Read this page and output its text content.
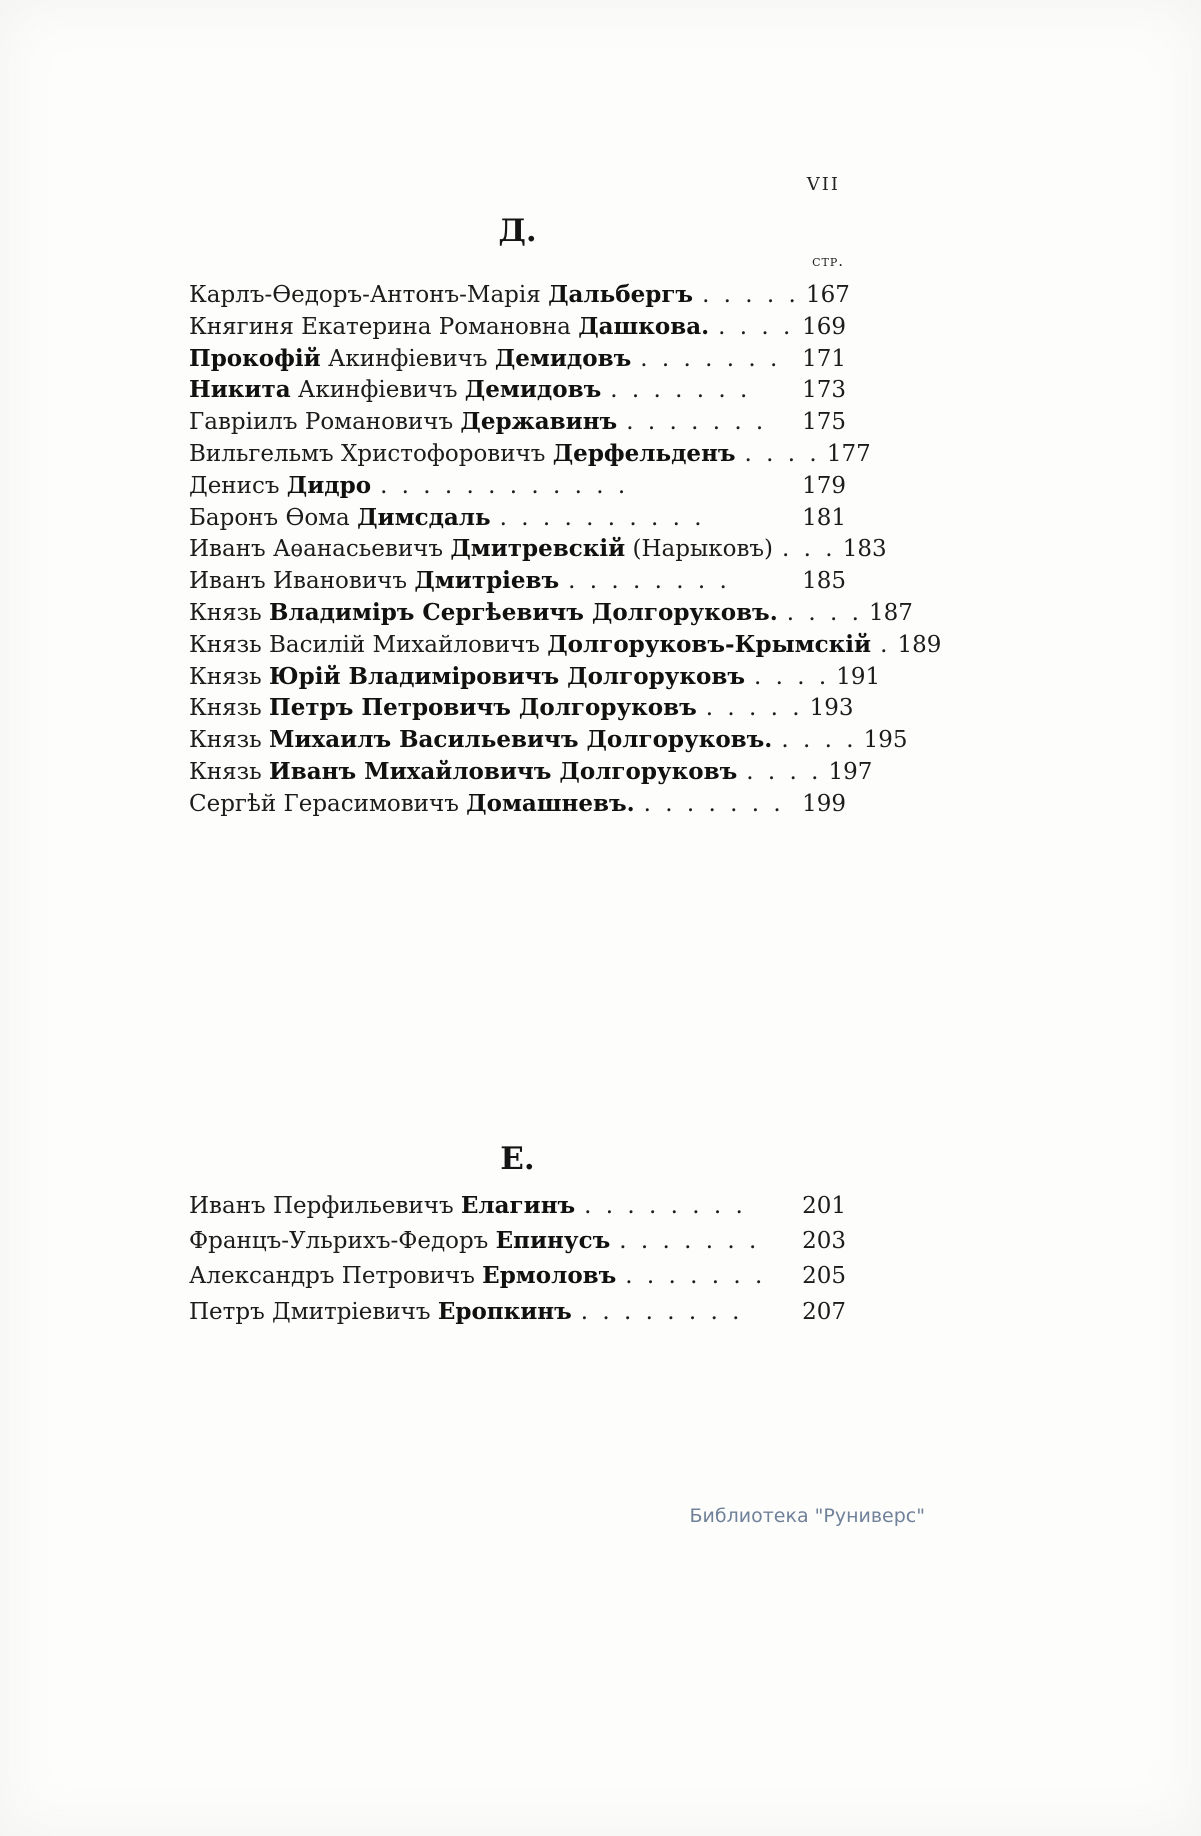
VII
Д.
стр.
Карлъ-Ѳедоръ-Антонъ-Марія Дальбергъ . . . . . 167
Княгиня Екатерина Романовна Дашкова. . . . . 169
Прокофій Акинфіевичъ Демидовъ . . . . . . .	171
Никита Акинфіевичъ Демидовъ . . . . . . .	173
Гавріилъ Романовичъ Державинъ . . . . . . .	175
Вильгельмъ Христофоровичъ Дерфельденъ . . . . 177
Денисъ Дидро . . . . . . . . . . . .	179
Баронъ Ѳома Димсдаль . . . . . . . . . .	181
Иванъ Аѳанасьевичъ Дмитревскій (Нарыковъ) . . . 183
Иванъ Ивановичъ Дмитріевъ . . . . . . . .	185
Князь Владиміръ Сергѣевичъ Долгоруковъ. . . . . 187
Князь Василій Михайловичъ Долгоруковъ-Крымскій . 189
Князь Юрій Владиміровичъ Долгоруковъ . . . . 191
Князь Петръ Петровичъ Долгоруковъ . . . . . 193
Князь Михаилъ Васильевичъ Долгоруковъ. . . . . 195
Князь Иванъ Михайловичъ Долгоруковъ . . . . 197
Сергѣй Герасимовичъ Домашневъ. . . . . . . . 199
Е.
Иванъ Перфильевичъ Елагинъ . . . . . . . .	201
Францъ-Ульрихъ-Федоръ Епинусъ . . . . . . .	203
Александръ Петровичъ Ермоловъ . . . . . . .	205
Петръ Дмитріевичъ Еропкинъ . . . . . . . .	207
Библиотека "Руниверс"
